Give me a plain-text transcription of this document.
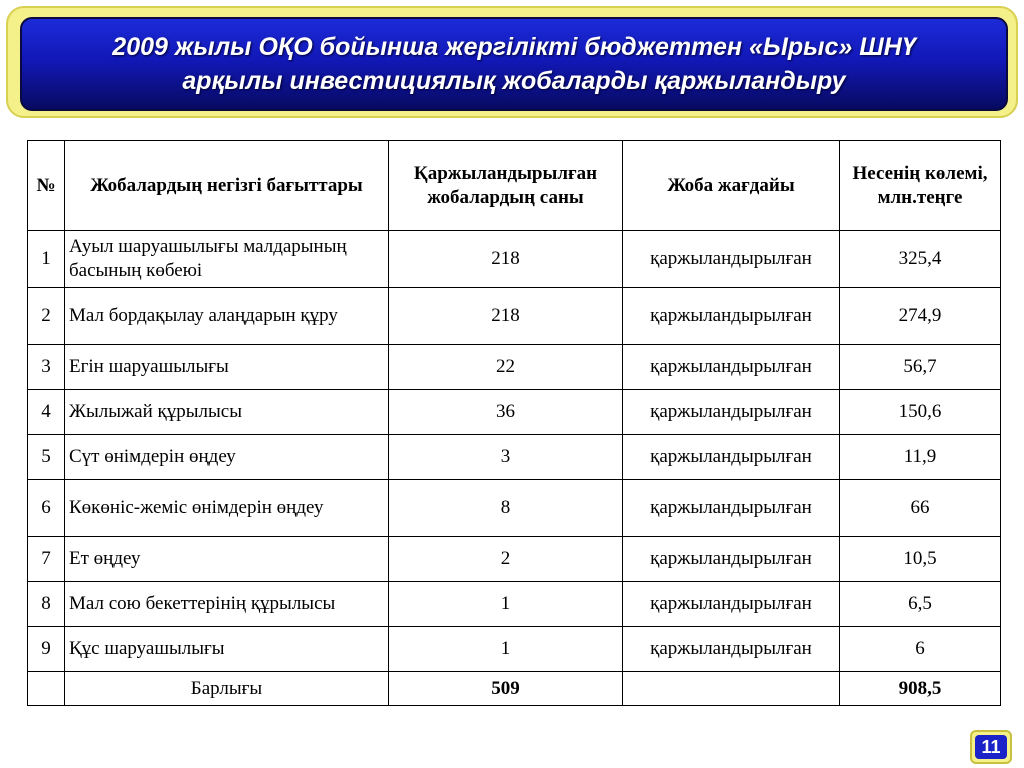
2009 жылы ОҚО бойынша жергілікті бюджеттен «Ырыс» ШНҮ
арқылы инвестициялық жобаларды қаржыландыру
№	Жобалардың негізгі бағыттары	Қаржыландырылған жобалардың саны	Жоба жағдайы	Несенің көлемі, млн.теңге
1	Ауыл шаруашылығы малдарының басының көбеюі	218	қаржыландырылған	325,4
2	Мал бордақылау алаңдарын құру	218	қаржыландырылған	274,9
3	Егін шаруашылығы	22	қаржыландырылған	56,7
4	Жылыжай құрылысы	36	қаржыландырылған	150,6
5	Сүт өнімдерін өңдеу	3	қаржыландырылған	11,9
6	Көкөніс-жеміс өнімдерін өңдеу	8	қаржыландырылған	66
7	Ет өңдеу	2	қаржыландырылған	10,5
8	Мал сою бекеттерінің құрылысы	1	қаржыландырылған	6,5
9	Құс шаруашылығы	1	қаржыландырылған	6
	Барлығы	509		908,5
11
